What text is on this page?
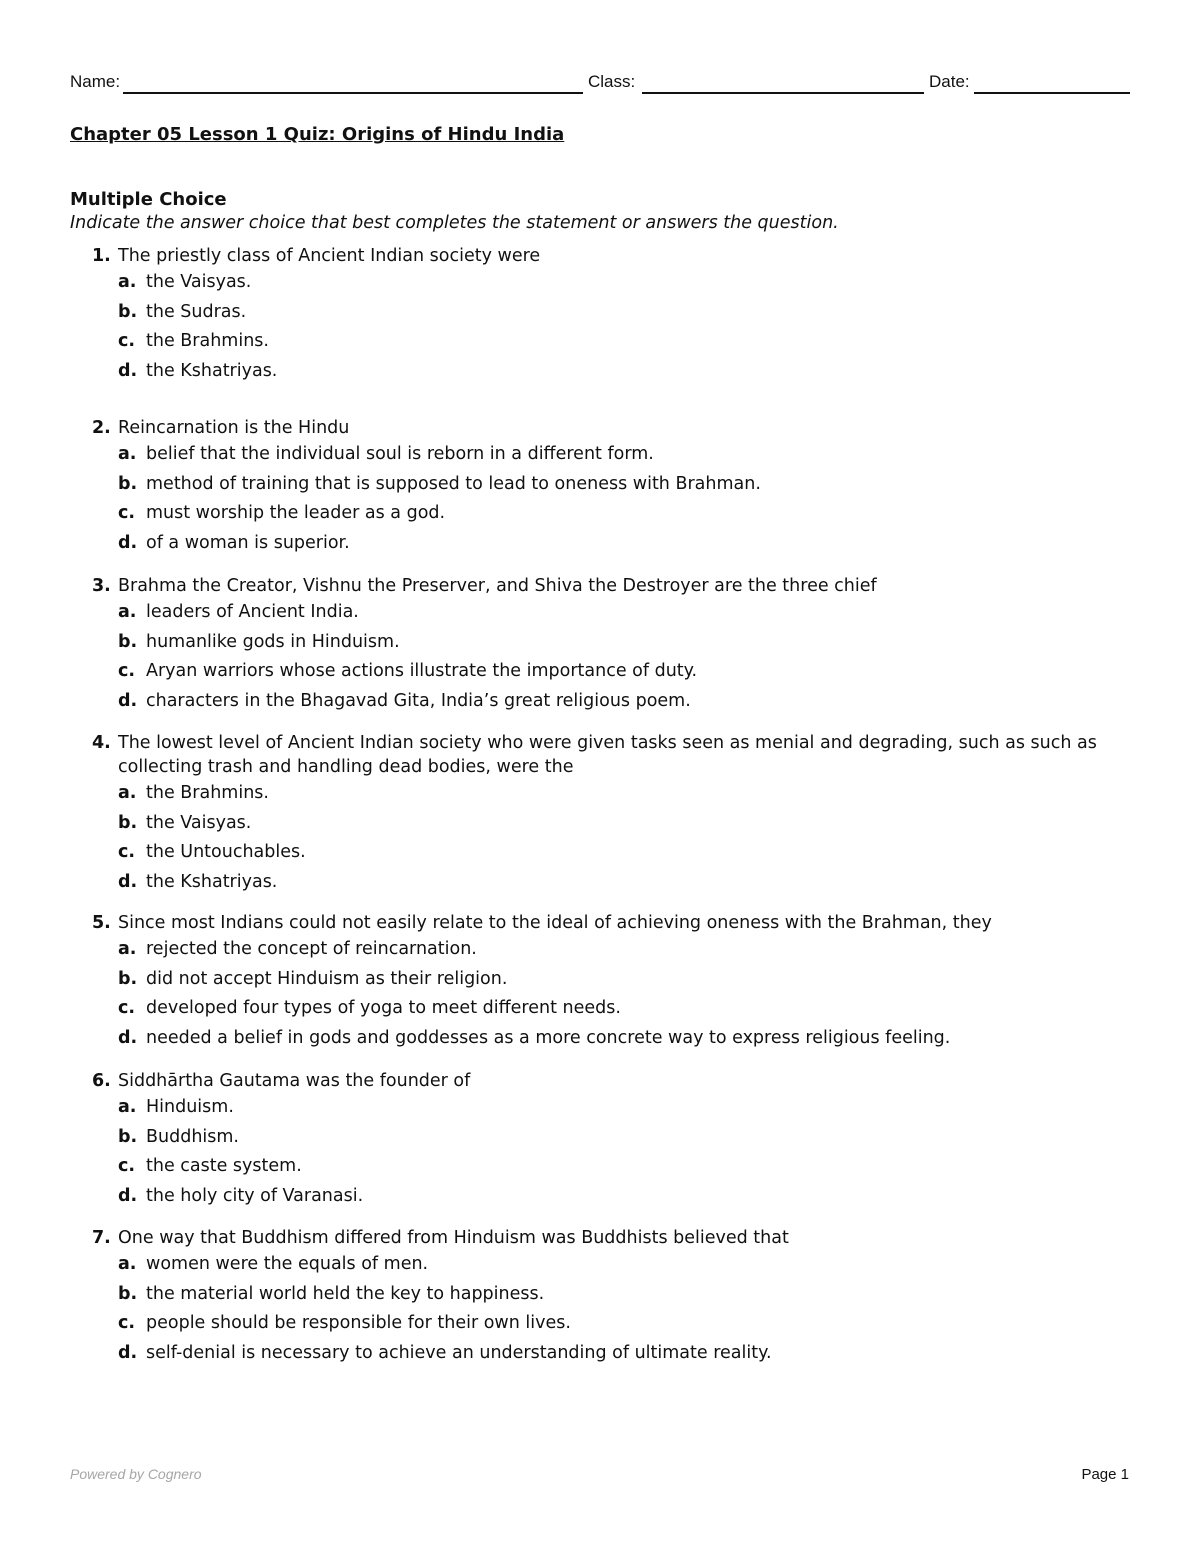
Name:	Class:	Date:
Chapter 05 Lesson 1 Quiz: Origins of Hindu India
Multiple Choice
Indicate the answer choice that best completes the statement or answers the question.
1. The priestly class of Ancient Indian society were
a. the Vaisyas.
b. the Sudras.
c. the Brahmins.
d. the Kshatriyas.
2. Reincarnation is the Hindu
a. belief that the individual soul is reborn in a different form.
b. method of training that is supposed to lead to oneness with Brahman.
c. must worship the leader as a god.
d. of a woman is superior.
3. Brahma the Creator, Vishnu the Preserver, and Shiva the Destroyer are the three chief
a. leaders of Ancient India.
b. humanlike gods in Hinduism.
c. Aryan warriors whose actions illustrate the importance of duty.
d. characters in the Bhagavad Gita, India’s great religious poem.
4. The lowest level of Ancient Indian society who were given tasks seen as menial and degrading, such as such as collecting trash and handling dead bodies, were the
a. the Brahmins.
b. the Vaisyas.
c. the Untouchables.
d. the Kshatriyas.
5. Since most Indians could not easily relate to the ideal of achieving oneness with the Brahman, they
a. rejected the concept of reincarnation.
b. did not accept Hinduism as their religion.
c. developed four types of yoga to meet different needs.
d. needed a belief in gods and goddesses as a more concrete way to express religious feeling.
6. Siddhārtha Gautama was the founder of
a. Hinduism.
b. Buddhism.
c. the caste system.
d. the holy city of Varanasi.
7. One way that Buddhism differed from Hinduism was Buddhists believed that
a. women were the equals of men.
b. the material world held the key to happiness.
c. people should be responsible for their own lives.
d. self-denial is necessary to achieve an understanding of ultimate reality.
Powered by Cognero	Page 1
